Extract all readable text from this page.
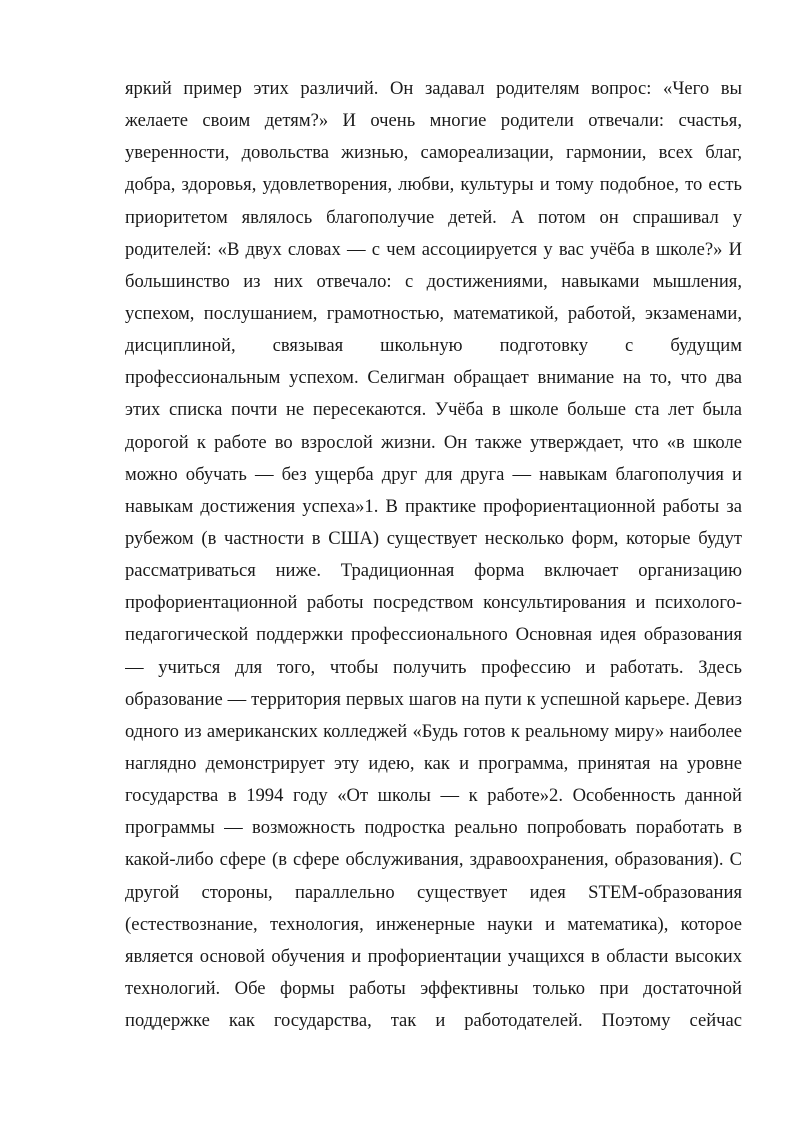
яркий пример этих различий. Он задавал родителям вопрос: «Чего вы
желаете своим детям?» И очень многие родители отвечали: счастья,
уверенности, довольства жизнью, самореализации, гармонии, всех благ,
добра, здоровья, удовлетворения, любви, культуры и тому подобное, то есть
приоритетом являлось благополучие детей. А потом он спрашивал у
родителей: «В двух словах — с чем ассоциируется у вас учёба в школе?» И
большинство из них отвечало: с достижениями, навыками мышления,
успехом, послушанием, грамотностью, математикой, работой, экзаменами,
дисциплиной, связывая школьную подготовку с будущим
профессиональным успехом. Селигман обращает внимание на то, что два
этих списка почти не пересекаются. Учёба в школе больше ста лет была
дорогой к работе во взрослой жизни. Он также утверждает, что «в школе
можно обучать — без ущерба друг для друга — навыкам благополучия и
навыкам достижения успеха»1. В практике профориентационной работы за
рубежом (в частности в США) существует несколько форм, которые будут
рассматриваться ниже. Традиционная форма включает организацию
профориентационной работы посредством консультирования и психолого-
педагогической поддержки профессионального Основная идея образования
— учиться для того, чтобы получить профессию и работать. Здесь
образование — территория первых шагов на пути к успешной карьере. Девиз
одного из американских колледжей «Будь готов к реальному миру» наиболее
наглядно демонстрирует эту идею, как и программа, принятая на уровне
государства в 1994 году «От школы — к работе»2. Особенность данной
программы — возможность подростка реально попробовать поработать в
какой-либо сфере (в сфере обслуживания, здравоохранения, образования). С
другой стороны, параллельно существует идея STEM-образования
(естествознание, технология, инженерные науки и математика), которое
является основой обучения и профориентации учащихся в области высоких
технологий. Обе формы работы эффективны только при достаточной
поддержке как государства, так и работодателей. Поэтому сейчас
